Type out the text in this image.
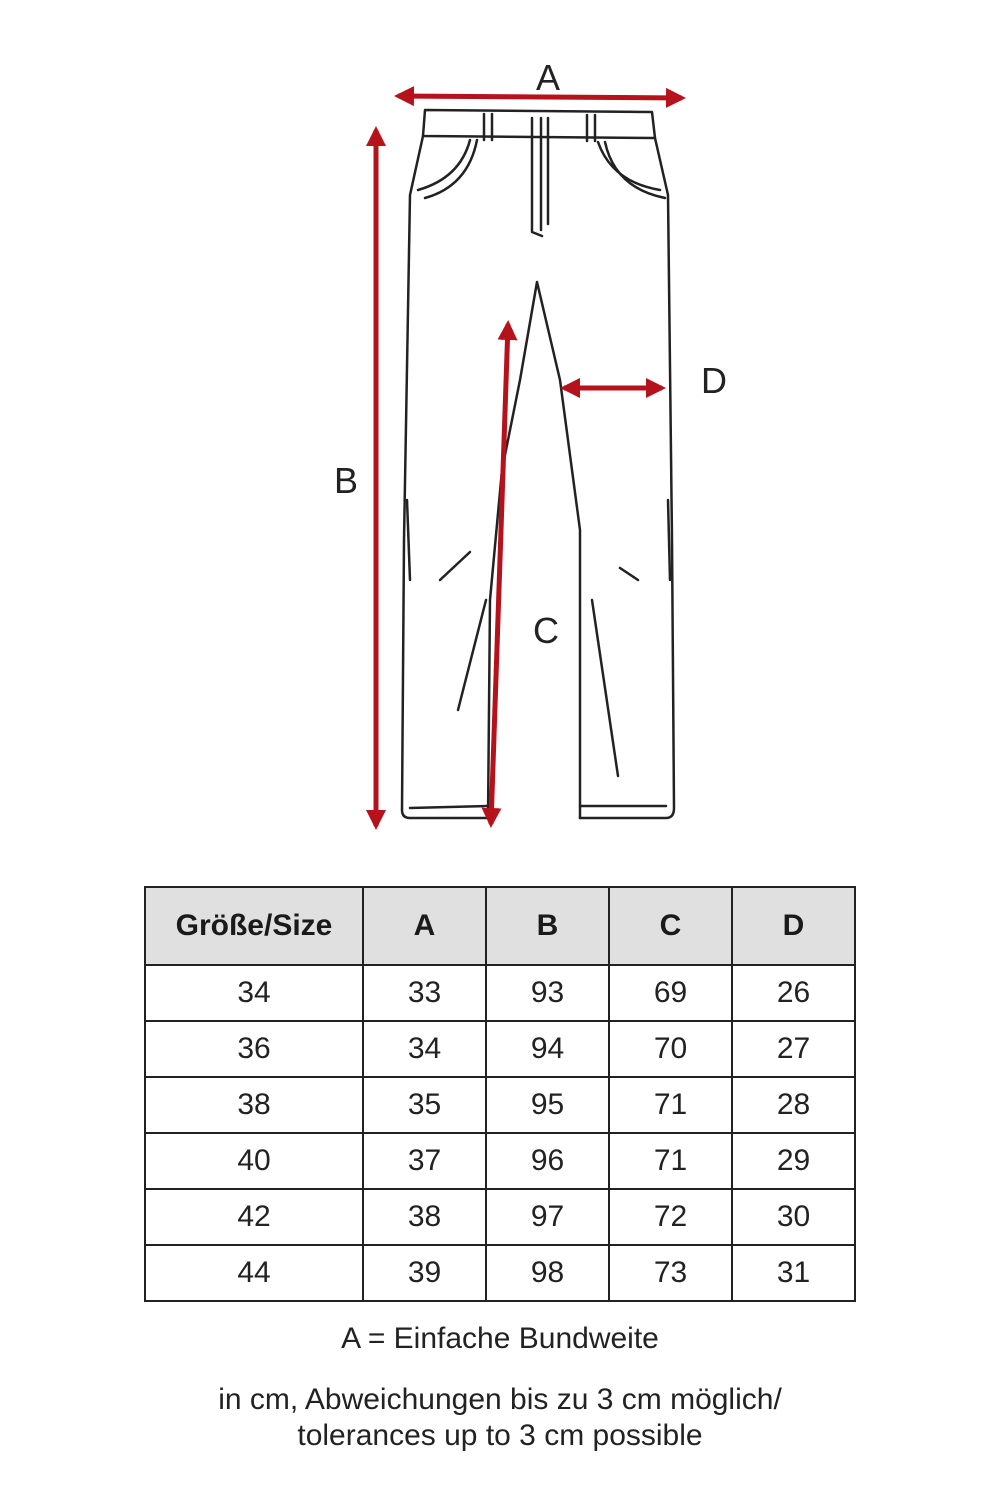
A
B
C
D
Größe/Size	A	B	C	D
34	33	93	69	26
36	34	94	70	27
38	35	95	71	28
40	37	96	71	29
42	38	97	72	30
44	39	98	73	31
A = Einfache Bundweite
in cm, Abweichungen bis zu 3 cm möglich/
tolerances up to 3 cm possible
